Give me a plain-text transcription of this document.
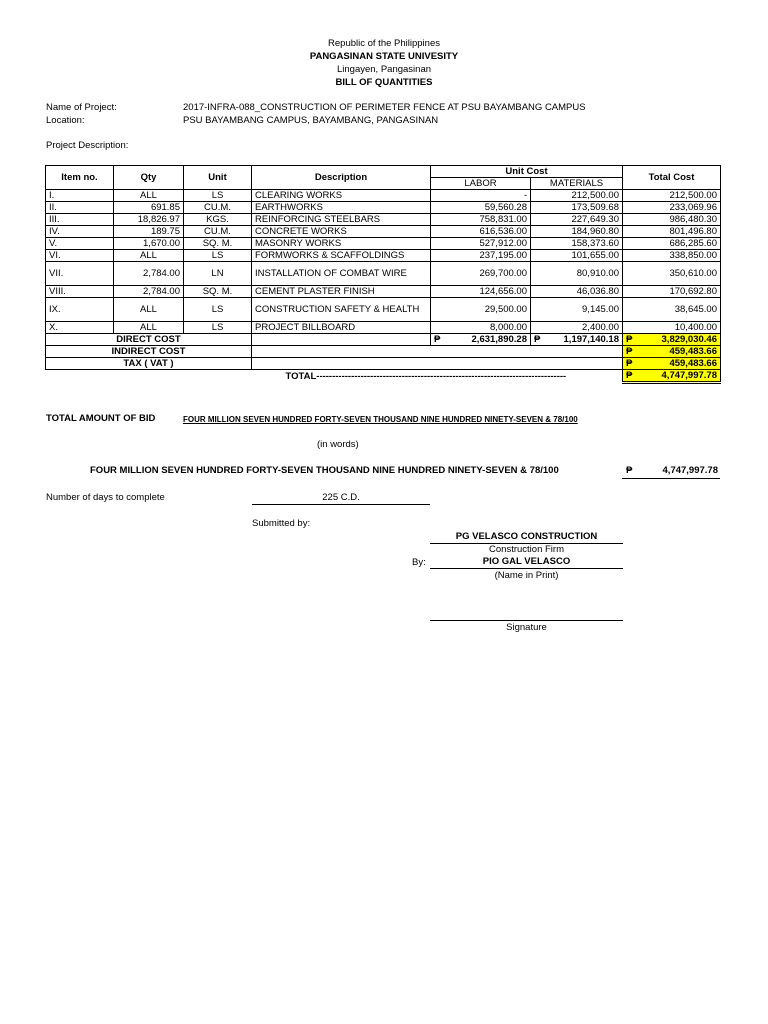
Republic of the Philippines
PANGASINAN STATE UNIVESITY
Lingayen, Pangasinan
BILL OF QUANTITIES
Name of Project:	2017-INFRA-088_CONSTRUCTION OF PERIMETER FENCE AT PSU BAYAMBANG CAMPUS
Location:	PSU BAYAMBANG CAMPUS, BAYAMBANG, PANGASINAN
Project Description:
Item no.	Qty	Unit	Description	Unit Cost		Total Cost
				LABOR	MATERIALS	
I.	ALL	LS	CLEARING WORKS	-	212,500.00	212,500.00
II.	691.85	CU.M.	EARTHWORKS	59,560.28	173,509.68	233,069.96
III.	18,826.97	KGS.	REINFORCING STEELBARS	758,831.00	227,649.30	986,480.30
IV.	189.75	CU.M.	CONCRETE WORKS	616,536.00	184,960.80	801,496.80
V.	1,670.00	SQ. M.	MASONRY WORKS	527,912.00	158,373.60	686,285.60
VI.	ALL	LS	FORMWORKS & SCAFFOLDINGS	237,195.00	101,655.00	338,850.00
VII.	2,784.00	LN	INSTALLATION OF COMBAT WIRE	269,700.00	80,910.00	350,610.00
VIII.	2,784.00	SQ. M.	CEMENT PLASTER FINISH	124,656.00	46,036.80	170,692.80
IX.	ALL	LS	CONSTRUCTION SAFETY & HEALTH	29,500.00	9,145.00	38,645.00
X.	ALL	LS	PROJECT BILLBOARD	8,000.00	2,400.00	10,400.00
DIRECT COST				₱ 2,631,890.28	₱ 1,197,140.18	₱ 3,829,030.46
INDIRECT COST						₱ 459,483.66
TAX ( VAT )						₱ 459,483.66
TOTAL-------------------------------------------------------------------------------						₱ 4,747,997.78
TOTAL AMOUNT OF BID	FOUR MILLION SEVEN HUNDRED FORTY-SEVEN THOUSAND NINE HUNDRED NINETY-SEVEN & 78/100
(in words)
FOUR MILLION SEVEN HUNDRED FORTY-SEVEN THOUSAND NINE HUNDRED NINETY-SEVEN & 78/100	₱	4,747,997.78
Number of days to complete	225 C.D.
Submitted by:
PG VELASCO CONSTRUCTION
Construction Firm
By:	PIO GAL VELASCO
(Name in Print)
Signature
